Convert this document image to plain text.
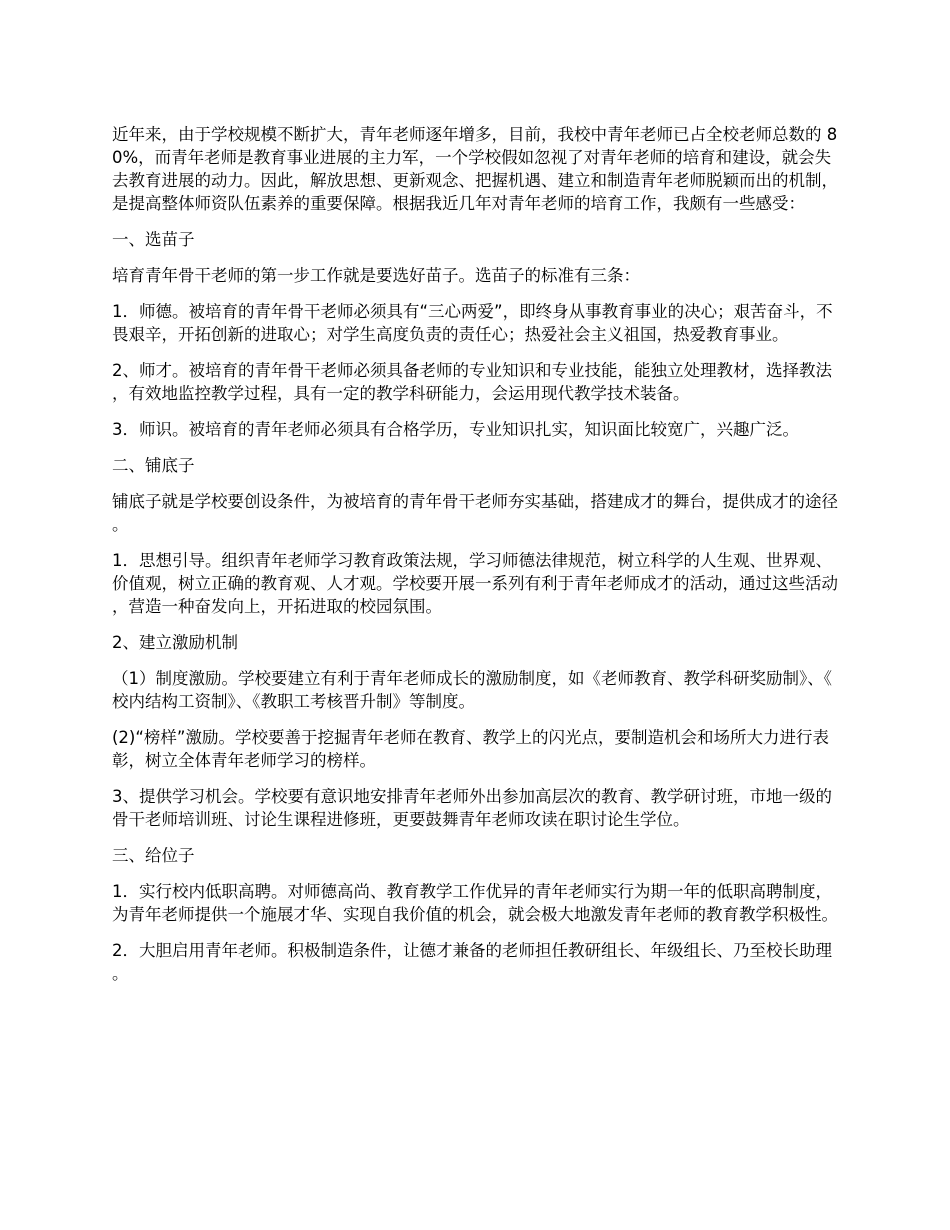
近年来，由于学校规模不断扩大，青年老师逐年增多，目前，我校中青年老师已占全校老师总数的 80%，而青年老师是教育事业进展的主力军，一个学校假如忽视了对青年老师的培育和建设，就会失去教育进展的动力。因此，解放思想、更新观念、把握机遇、建立和制造青年老师脱颖而出的机制，是提高整体师资队伍素养的重要保障。根据我近几年对青年老师的培育工作，我颇有一些感受：

一、选苗子

培育青年骨干老师的第一步工作就是要选好苗子。选苗子的标准有三条：

1．师德。被培育的青年骨干老师必须具有“三心两爱”，即终身从事教育事业的决心；艰苦奋斗，不畏艰辛，开拓创新的进取心；对学生高度负责的责任心；热爱社会主义祖国，热爱教育事业。

2、师才。被培育的青年骨干老师必须具备老师的专业知识和专业技能，能独立处理教材，选择教法，有效地监控教学过程，具有一定的教学科研能力，会运用现代教学技术装备。

3．师识。被培育的青年老师必须具有合格学历，专业知识扎实，知识面比较宽广，兴趣广泛。

二、铺底子

铺底子就是学校要创设条件，为被培育的青年骨干老师夯实基础，搭建成才的舞台，提供成才的途径。

1．思想引导。组织青年老师学习教育政策法规，学习师德法律规范，树立科学的人生观、世界观、价值观，树立正确的教育观、人才观。学校要开展一系列有利于青年老师成才的活动，通过这些活动，营造一种奋发向上，开拓进取的校园氛围。

2、建立激励机制

（1）制度激励。学校要建立有利于青年老师成长的激励制度，如《老师教育、教学科研奖励制》、《校内结构工资制》、《教职工考核晋升制》等制度。

(2)“榜样”激励。学校要善于挖掘青年老师在教育、教学上的闪光点，要制造机会和场所大力进行表彰，树立全体青年老师学习的榜样。

3、提供学习机会。学校要有意识地安排青年老师外出参加高层次的教育、教学研讨班，市地一级的骨干老师培训班、讨论生课程进修班，更要鼓舞青年老师攻读在职讨论生学位。

三、给位子

1．实行校内低职高聘。对师德高尚、教育教学工作优异的青年老师实行为期一年的低职高聘制度，为青年老师提供一个施展才华、实现自我价值的机会，就会极大地激发青年老师的教育教学积极性。

2．大胆启用青年老师。积极制造条件，让德才兼备的老师担任教研组长、年级组长、乃至校长助理。
